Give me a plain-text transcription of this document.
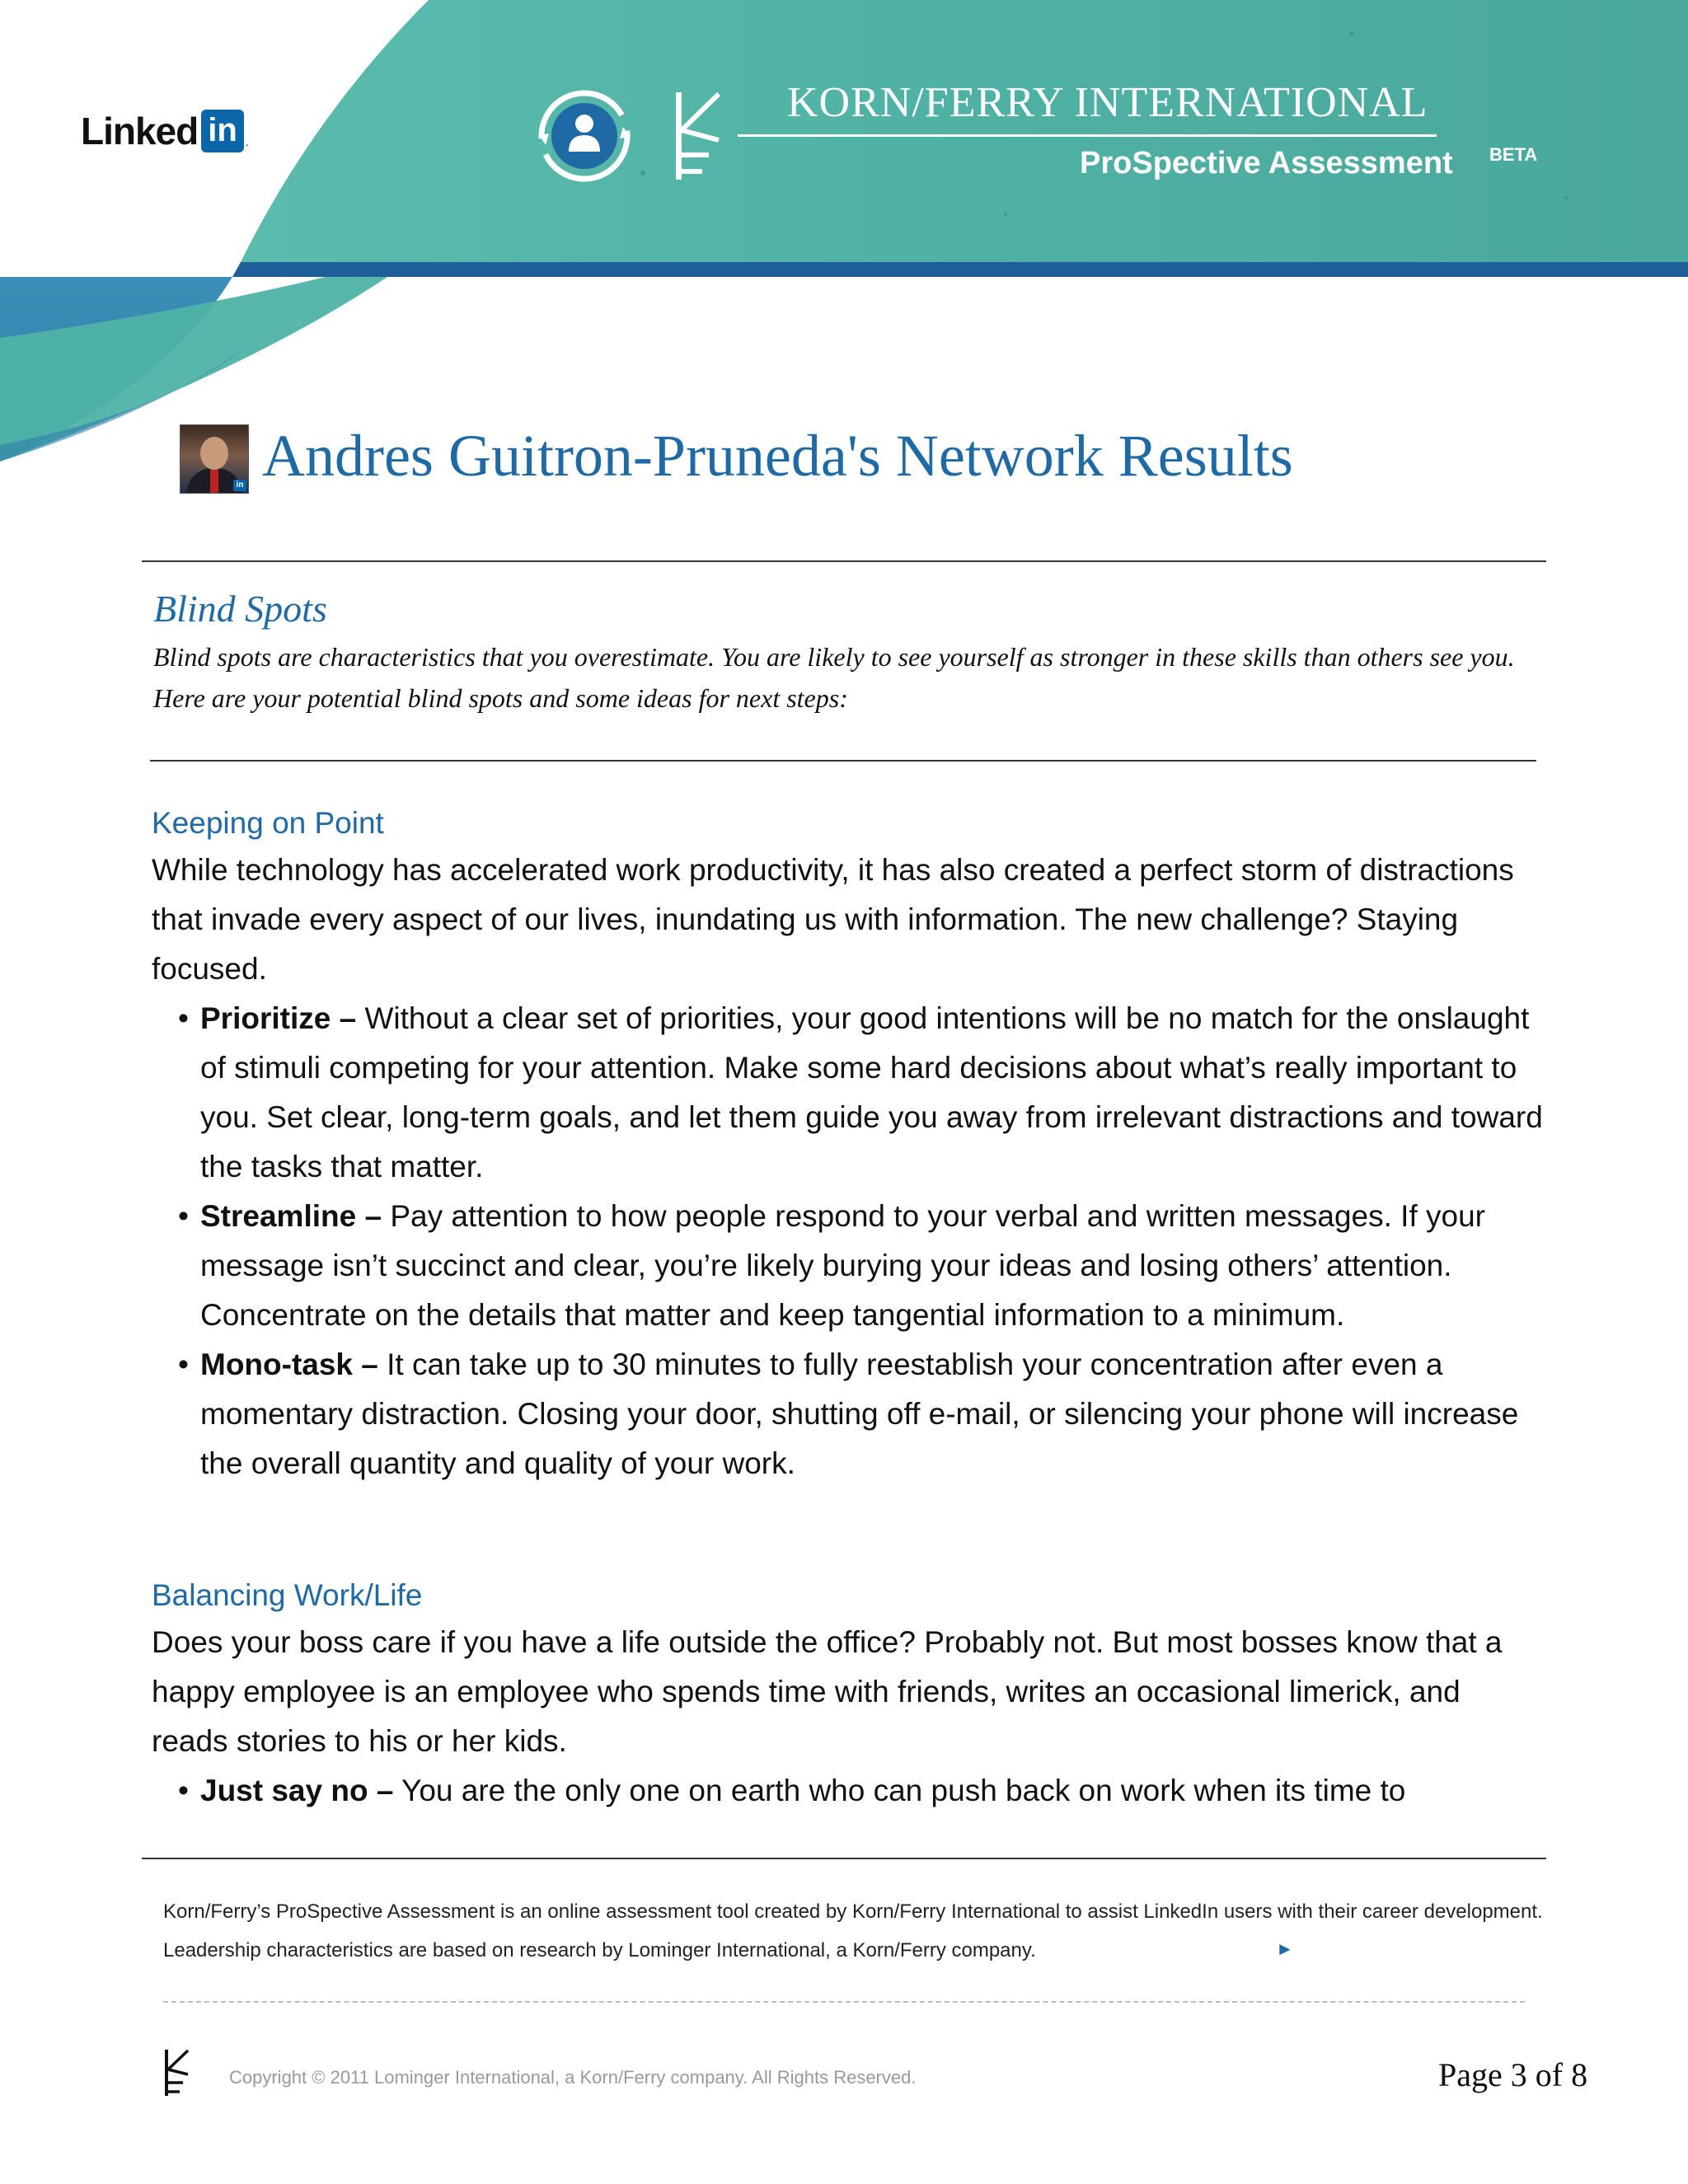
Linked in .
KORN/FERRY INTERNATIONAL
ProSpective Assessment BETA
in Andres Guitron-Pruneda's Network Results
Blind Spots

Blind spots are characteristics that you overestimate. You are likely to see yourself as stronger in these skills than others see you. Here are your potential blind spots and some ideas for next steps:

Keeping on Point

While technology has accelerated work productivity, it has also created a perfect storm of distractions that invade every aspect of our lives, inundating us with information. The new challenge? Staying focused.

• Prioritize – Without a clear set of priorities, your good intentions will be no match for the onslaught of stimuli competing for your attention. Make some hard decisions about what’s really important to you. Set clear, long-term goals, and let them guide you away from irrelevant distractions and toward the tasks that matter.
• Streamline – Pay attention to how people respond to your verbal and written messages. If your message isn’t succinct and clear, you’re likely burying your ideas and losing others’ attention. Concentrate on the details that matter and keep tangential information to a minimum.
• Mono-task – It can take up to 30 minutes to fully reestablish your concentration after even a momentary distraction. Closing your door, shutting off e-mail, or silencing your phone will increase the overall quantity and quality of your work.
Balancing Work/Life

Does your boss care if you have a life outside the office? Probably not. But most bosses know that a happy employee is an employee who spends time with friends, writes an occasional limerick, and reads stories to his or her kids.

• Just say no – You are the only one on earth who can push back on work when its time to

Korn/Ferry’s ProSpective Assessment is an online assessment tool created by Korn/Ferry International to assist LinkedIn users with their career development. Leadership characteristics are based on research by Lominger International, a Korn/Ferry company.	►
Copyright © 2011 Lominger International, a Korn/Ferry company. All Rights Reserved.	Page 3 of 8
